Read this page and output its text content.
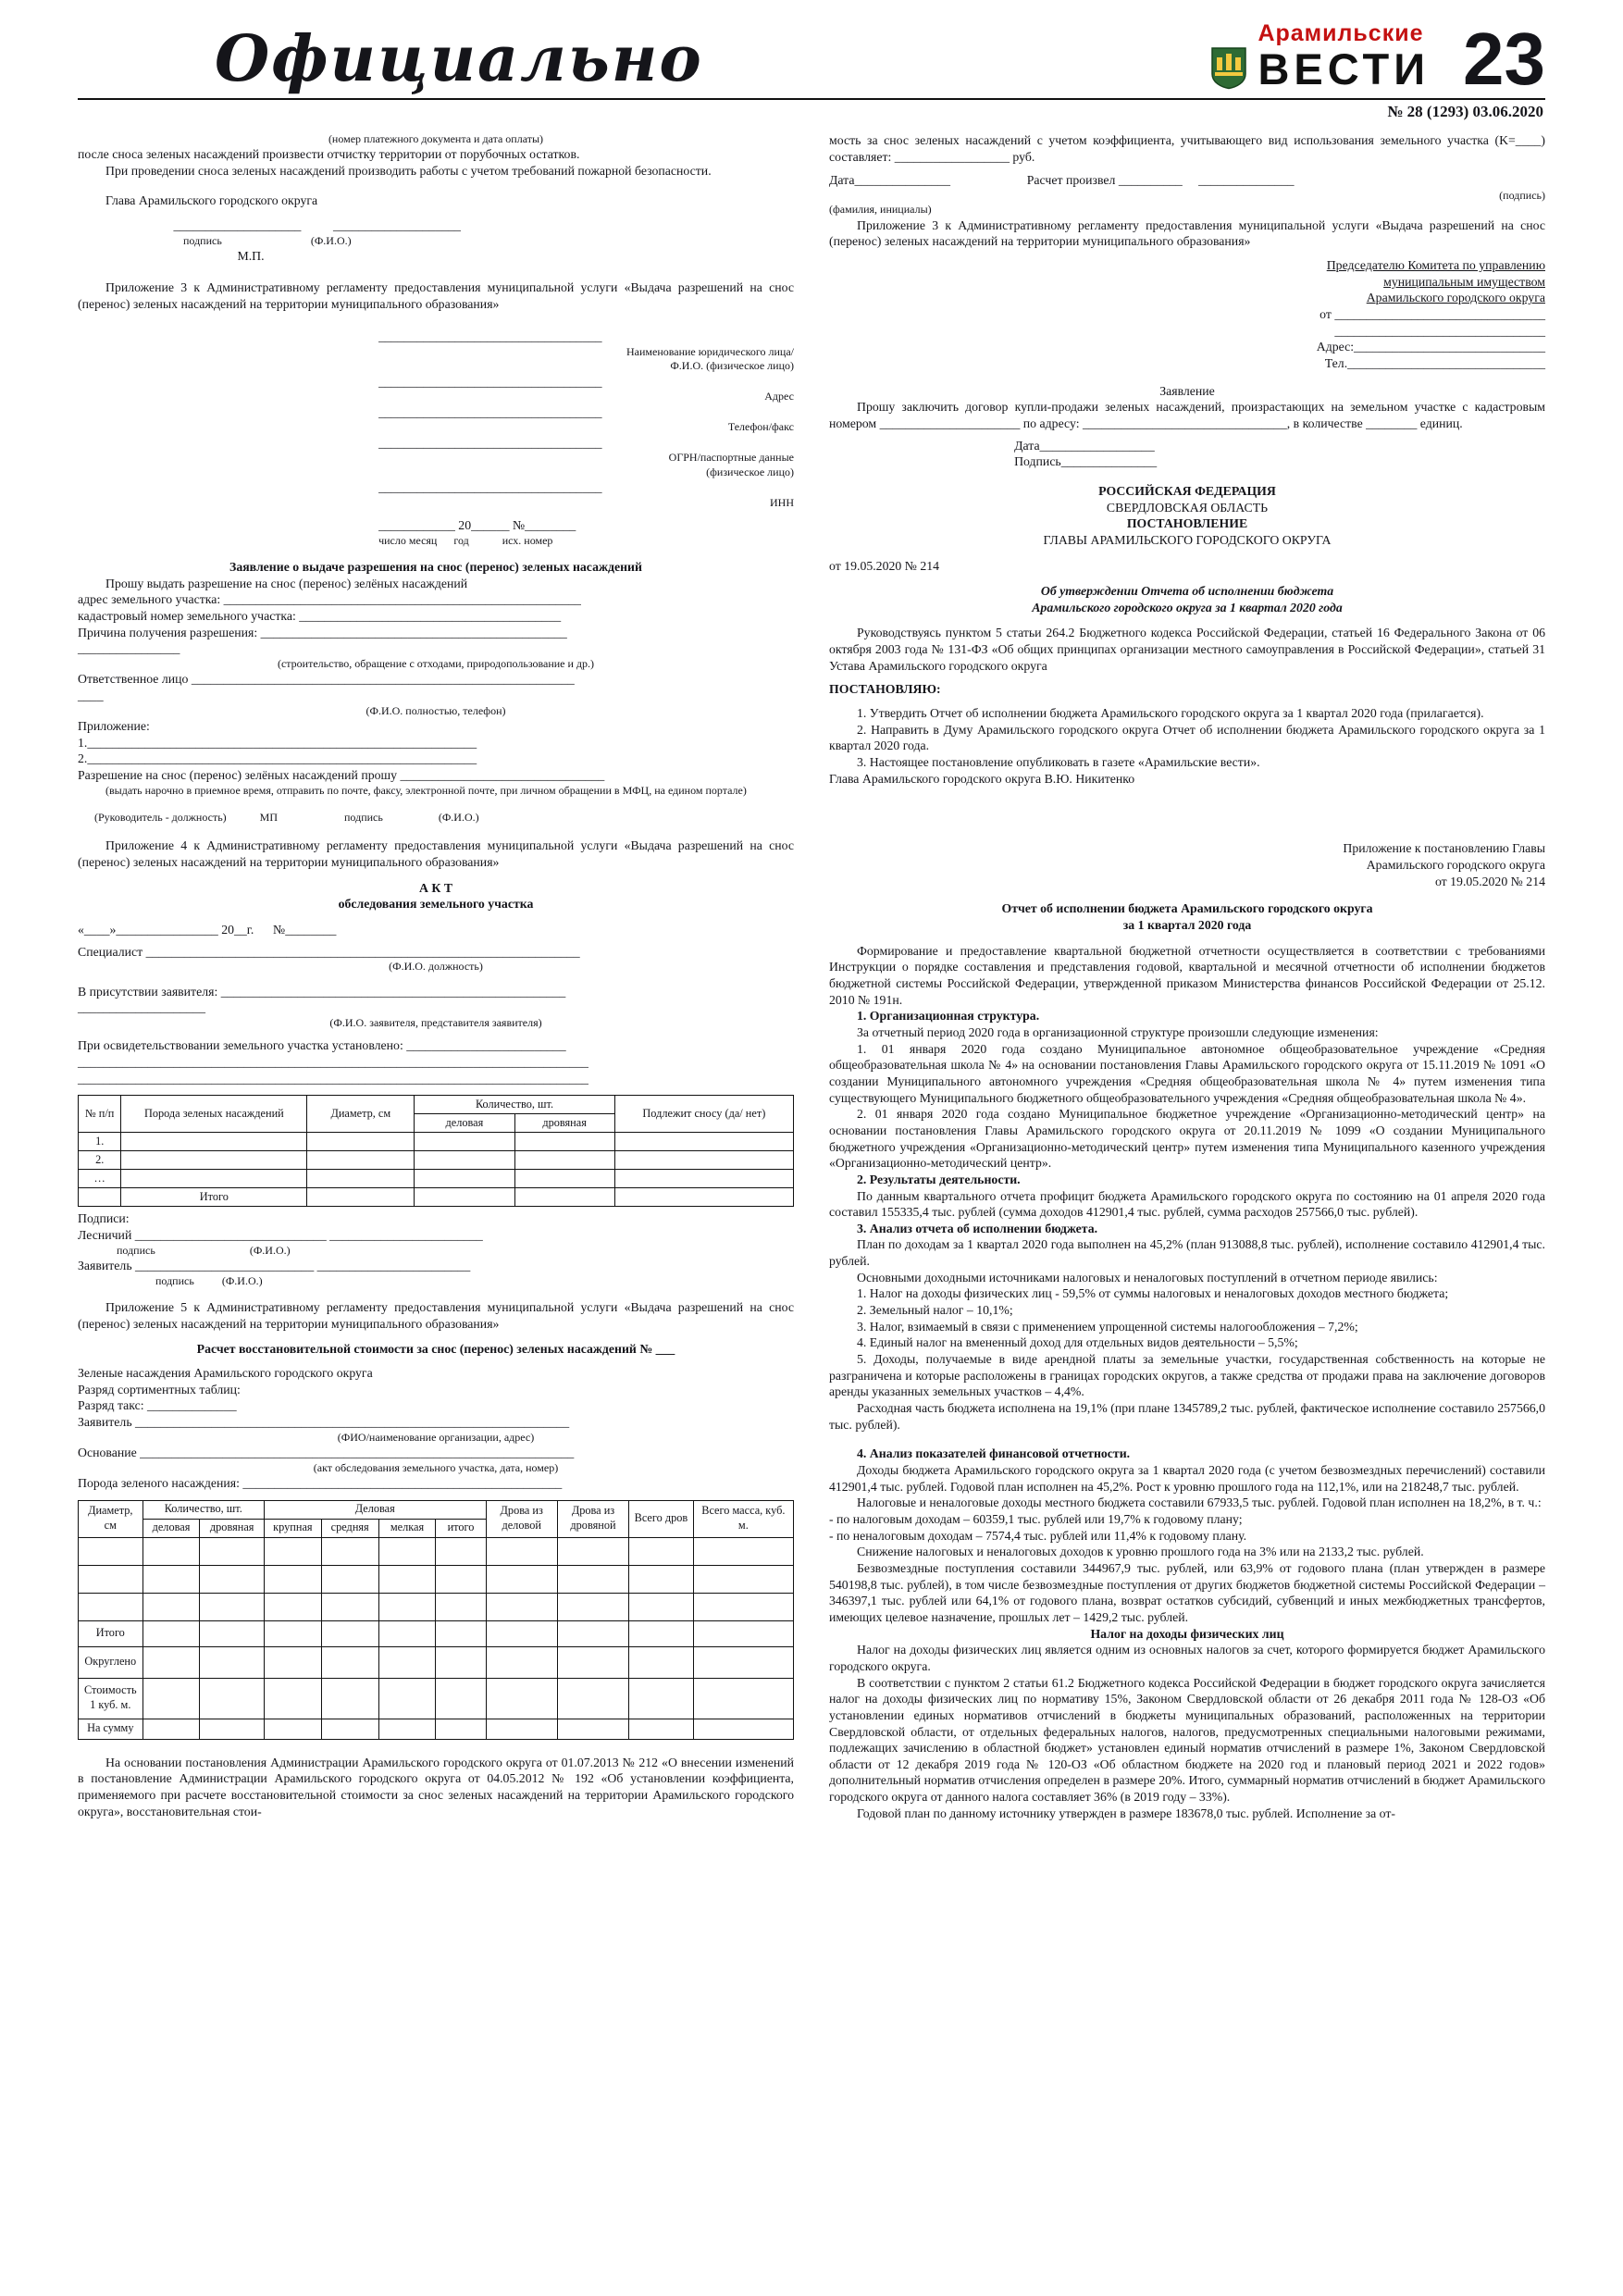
Официально	Арамильские
ВЕСТИ 23
№ 28 (1293) 03.06.2020
(номер платежного документа и дата оплаты)
после сноса зеленых насаждений произвести отчистку территории от порубочных остатков.
При проведении сноса зеленых насаждений производить работы с учетом требований пожарной безопасности.
Глава Арамильского городского округа
____________________          ____________________
подпись                                (Ф.И.О.)
М.П.
Приложение 3 к Административному регламенту предоставления муниципальной услуги «Выдача разрешений на снос (перенос) зеленых насаждений на территории муниципального образования»
___________________________________
Наименование юридического лица/
Ф.И.О. (физическое лицо)
___________________________________
Адрес
___________________________________
Телефон/факс
___________________________________
ОГРН/паспортные данные
(физическое лицо)
___________________________________
ИНН
____________ 20______ №________
число месяц      год            исх. номер
Заявление о выдаче разрешения на снос (перенос) зеленых насаждений
Прошу выдать разрешение на снос (перенос) зелёных насаждений
адрес земельного участка: ________________________________________________________
кадастровый номер земельного участка: _________________________________________
Причина получения разрешения: ________________________________________________
________________
(строительство, обращение с отходами, природопользование и др.)
Ответственное лицо ____________________________________________________________
____
(Ф.И.О. полностью, телефон)
Приложение:
1._____________________________________________________________
2._____________________________________________________________
Разрешение на снос (перенос) зелёных насаждений прошу ________________________________
(выдать нарочно в приемное время, отправить по почте, факсу, электронной почте, при личном обращении в МФЦ, на едином портале)
(Руководитель - должность)            МП                        подпись                    (Ф.И.О.)
Приложение 4 к Административному регламенту предоставления муниципальной услуги «Выдача разрешений на снос (перенос) зеленых насаждений на территории муниципального образования»
А К Т
обследования земельного участка
«____»________________ 20__г.      №________
Специалист ____________________________________________________________________
(Ф.И.О. должность)
В присутствии заявителя: ______________________________________________________
____________________
(Ф.И.О. заявителя, представителя заявителя)
При освидетельствовании земельного участка установлено: _________________________
________________________________________________________________________________
________________________________________________________________________________
№ п/п	Порода зеленых насаждений	Диаметр, см	Количество, шт.		Подлежит сносу (да/ нет)
			деловая	дровяная	
1.					
2.					
…					
	Итого				
Подписи:
Лесничий ______________________________ ________________________
подпись                                  (Ф.И.О.)
Заявитель ____________________________ ________________________
подпись          (Ф.И.О.)
Приложение 5 к Административному регламенту предоставления муниципальной услуги «Выдача разрешений на снос (перенос) зеленых насаждений на территории муниципального образования»
Расчет восстановительной стоимости за снос (перенос) зеленых насаждений № ___
Зеленые насаждения Арамильского городского округа
Разряд сортиментных таблиц:
Разряд такс: ______________
Заявитель ____________________________________________________________________
(ФИО/наименование организации, адрес)
Основание ____________________________________________________________________
(акт обследования земельного участка, дата, номер)
Порода зеленого насаждения: __________________________________________________
Диаметр, см	Количество, шт.		Деловая				Дрова из деловой	Дрова из дровяной	Всего дров	Всего масса, куб. м.
	деловая	дровяная	крупная	средняя	мелкая	итого				

Итого										
Округлено										
Стоимость 1 куб. м.										
На сумму										
На основании постановления Администрации Арамильского городского округа от 01.07.2013 № 212 «О внесении изменений в постановление Администрации Арамильского городского округа от 04.05.2012 № 192 «Об установлении коэффициента, применяемого при расчете восстановительной стоимости за снос зеленых насаждений на территории Арамильского городского округа», восстановительная стои-
мость за снос зеленых насаждений с учетом коэффициента, учитывающего вид использования земельного участка (K=____) составляет: __________________ руб.
Дата_______________                        Расчет произвел __________     _______________
(подпись)
(фамилия, инициалы)
Приложение 3 к Административному регламенту предоставления муниципальной услуги «Выдача разрешений на снос (перенос) зеленых насаждений на территории муниципального образования»
Председателю Комитета по управлению
муниципальным имуществом
Арамильского городского округа
от _________________________________
_________________________________
Адрес:______________________________
Тел._______________________________
Заявление
Прошу заключить договор купли-продажи зеленых насаждений, произрастающих на земельном участке с кадастровым номером ______________________ по адресу: ________________________________, в количестве ________ единиц.
Дата__________________
Подпись_______________
РОССИЙСКАЯ ФЕДЕРАЦИЯ
СВЕРДЛОВСКАЯ ОБЛАСТЬ
ПОСТАНОВЛЕНИЕ
ГЛАВЫ АРАМИЛЬСКОГО ГОРОДСКОГО ОКРУГА
от 19.05.2020 № 214
Об утверждении Отчета об исполнении бюджета
Арамильского городского округа за 1 квартал 2020 года
Руководствуясь пунктом 5 статьи 264.2 Бюджетного кодекса Российской Федерации, статьей 16 Федерального Закона от 06 октября 2003 года № 131-ФЗ «Об общих принципах организации местного самоуправления в Российской Федерации», статьей 31 Устава Арамильского городского округа
ПОСТАНОВЛЯЮ:
1. Утвердить Отчет об исполнении бюджета Арамильского городского округа за 1 квартал 2020 года (прилагается).
2. Направить в Думу Арамильского городского округа Отчет об исполнении бюджета Арамильского городского округа за 1 квартал 2020 года.
3. Настоящее постановление опубликовать в газете «Арамильские вести».
Глава Арамильского городского округа В.Ю. Никитенко
Приложение к постановлению Главы
Арамильского городского округа
от 19.05.2020 № 214
Отчет об исполнении бюджета Арамильского городского округа
за 1 квартал 2020 года
Формирование и предоставление квартальной бюджетной отчетности осуществляется в соответствии с требованиями Инструкции о порядке составления и представления годовой, квартальной и месячной отчетности об исполнении бюджетов бюджетной системы Российской Федерации, утвержденной приказом Министерства финансов Российской Федерации от 25.12. 2010 № 191н.
1. Организационная структура.
За отчетный период 2020 года в организационной структуре произошли следующие изменения:
1. 01 января 2020 года создано Муниципальное автономное общеобразовательное учреждение «Средняя общеобразовательная школа № 4» на основании постановления Главы Арамильского городского округа от 15.11.2019 № 1091 «О создании Муниципального автономного учреждения «Средняя общеобразовательная школа № 4» путем изменения типа существующего Муниципального бюджетного общеобразовательного учреждения «Средняя общеобразовательная школа № 4».
2. 01 января 2020 года создано Муниципальное бюджетное учреждение «Организационно-методический центр» на основании постановления Главы Арамильского городского округа от 20.11.2019 № 1099 «О создании Муниципального бюджетного учреждения «Организационно-методический центр» путем изменения типа Муниципального казенного учреждения «Организационно-методический центр».
2. Результаты деятельности.
По данным квартального отчета профицит бюджета Арамильского городского округа по состоянию на 01 апреля 2020 года составил 155335,4 тыс. рублей (сумма доходов 412901,4 тыс. рублей, сумма расходов 257566,0 тыс. рублей).
3. Анализ отчета об исполнении бюджета.
План по доходам за 1 квартал 2020 года выполнен на 45,2% (план 913088,8 тыс. рублей), исполнение составило 412901,4 тыс. рублей.
Основными доходными источниками налоговых и неналоговых поступлений в отчетном периоде явились:
1. Налог на доходы физических лиц - 59,5% от суммы налоговых и неналоговых доходов местного бюджета;
2. Земельный налог – 10,1%;
3. Налог, взимаемый в связи с применением упрощенной системы налогообложения – 7,2%;
4. Единый налог на вмененный доход для отдельных видов деятельности – 5,5%;
5. Доходы, получаемые в виде арендной платы за земельные участки, государственная собственность на которые не разграничена и которые расположены в границах городских округов, а также средства от продажи права на заключение договоров аренды указанных земельных участков – 4,4%.
Расходная часть бюджета исполнена на 19,1% (при плане 1345789,2 тыс. рублей, фактическое исполнение составило 257566,0 тыс. рублей).
4. Анализ показателей финансовой отчетности.
Доходы бюджета Арамильского городского округа за 1 квартал 2020 года (с учетом безвозмездных перечислений) составили 412901,4 тыс. рублей. Годовой план исполнен на 45,2%. Рост к уровню прошлого года на 112,1%, или на 218248,7 тыс. рублей.
Налоговые и неналоговые доходы местного бюджета составили 67933,5 тыс. рублей. Годовой план исполнен на 18,2%, в т. ч.:
- по налоговым доходам – 60359,1 тыс. рублей или 19,7% к годовому плану;
- по неналоговым доходам – 7574,4 тыс. рублей или 11,4% к годовому плану.
Снижение налоговых и неналоговых доходов к уровню прошлого года на 3% или на 2133,2 тыс. рублей.
Безвозмездные поступления составили 344967,9 тыс. рублей, или 63,9% от годового плана (план утвержден в размере 540198,8 тыс. рублей), в том числе безвозмездные поступления от других бюджетов бюджетной системы Российской Федерации – 346397,1 тыс. рублей или 64,1% от годового плана, возврат остатков субсидий, субвенций и иных межбюджетных трансфертов, имеющих целевое назначение, прошлых лет – 1429,2 тыс. рублей.
Налог на доходы физических лиц
Налог на доходы физических лиц является одним из основных налогов за счет, которого формируется бюджет Арамильского городского округа.
В соответствии с пунктом 2 статьи 61.2 Бюджетного кодекса Российской Федерации в бюджет городского округа зачисляется налог на доходы физических лиц по нормативу 15%, Законом Свердловской области от 26 декабря 2011 года № 128-ОЗ «Об установлении единых нормативов отчислений в бюджеты муниципальных образований, расположенных на территории Свердловской области, от отдельных федеральных налогов, налогов, предусмотренных специальными налоговыми режимами, подлежащих зачислению в областной бюджет» установлен единый норматив отчислений в размере 1%, Законом Свердловской области от 12 декабря 2019 года № 120-ОЗ «Об областном бюджете на 2020 год и плановый период 2021 и 2022 годов» дополнительный норматив отчисления определен в размере 20%. Итого, суммарный норматив отчислений в бюджет Арамильского городского округа от данного налога составляет 36% (в 2019 году – 33%).
Годовой план по данному источнику утвержден в размере 183678,0 тыс. рублей. Исполнение за от-
